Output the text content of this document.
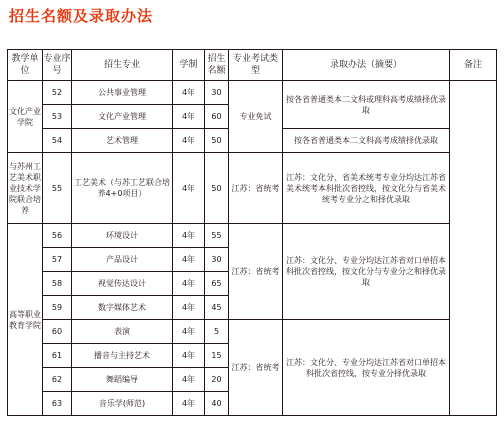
招生名额及录取办法
教学单位	专业序号	招生专业	学制	招生名额	专业考试类型	录取办法（摘要）	备注
文化产业学院	52	公共事业管理	4年	30	专业免试	按各省普通类本二文科或理科高考成绩择优录取	
	53	文化产业管理	4年	60			
	54	艺术管理	4年	50		按各省普通类本二文科高考成绩择优录取	
与苏州工艺美术职业技术学院联合培养	55	工艺美术（与苏工艺联合培养4+0项目）	4年	50	江苏：省统考	江苏：文化分、省美术统考专业分均达江苏省美术统考本科批次省控线，按文化分与省美术统考专业分之和择优录取	
高等职业教育学院	56	环境设计	4年	55	江苏：省统考	江苏：文化分、专业分均达江苏省对口单招本科批次省控线，按文化分与专业分之和择优录取	
	57	产品设计	4年	30			
	58	视觉传达设计	4年	65			
	59	数字媒体艺术	4年	45			
	60	表演	4年	5	江苏：省统考	江苏：文化分、专业分均达江苏省对口单招本科批次省控线，按专业分择优录取	
	61	播音与主持艺术	4年	15			
	62	舞蹈编导	4年	20			
	63	音乐学(师范)	4年	40			
